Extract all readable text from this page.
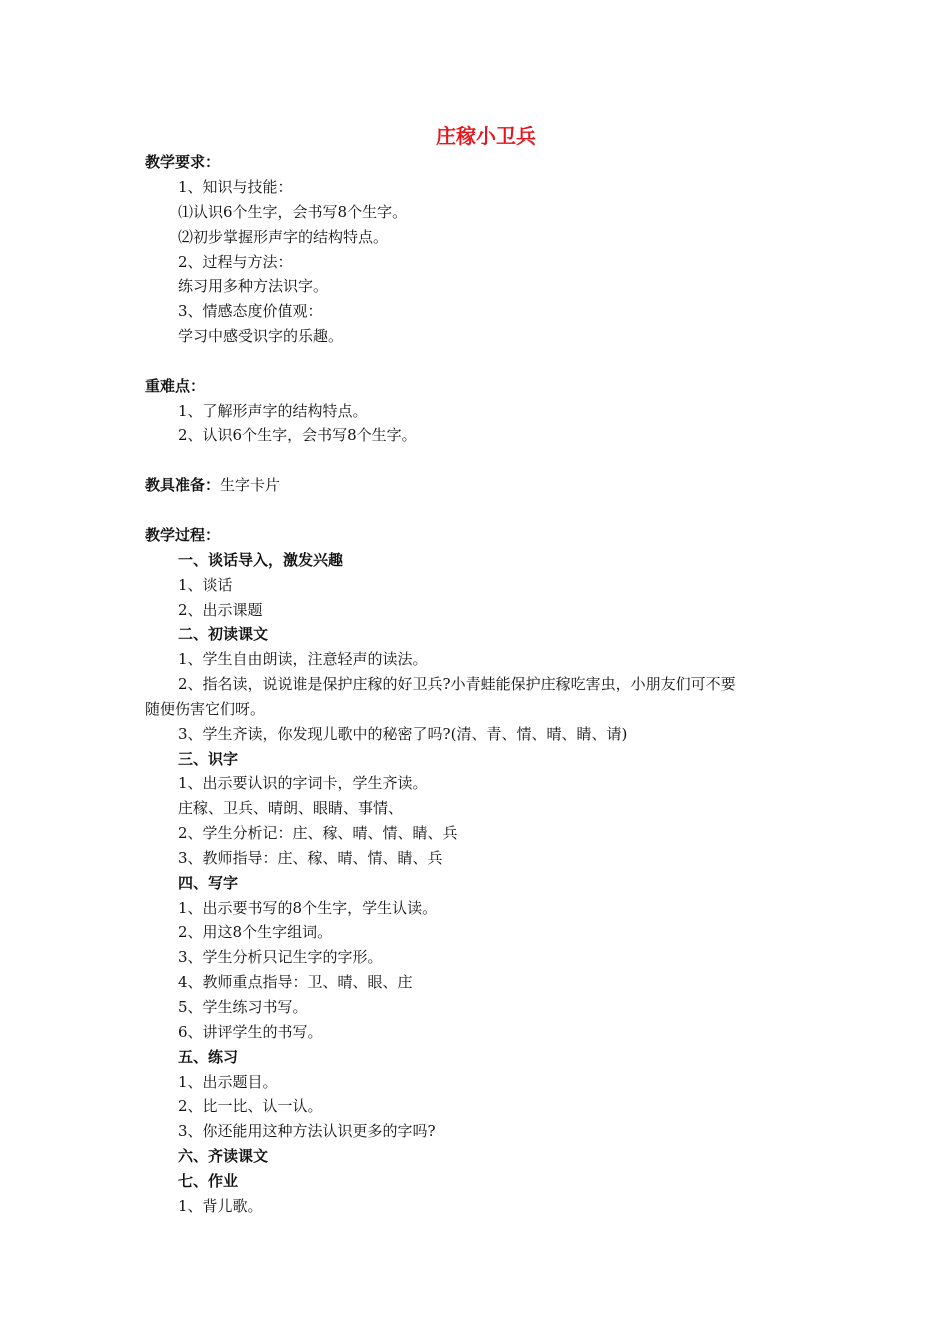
庄稼小卫兵
教学要求：
1、知识与技能：
⑴认识6个生字，会书写8个生字。
⑵初步掌握形声字的结构特点。
2、过程与方法：
练习用多种方法识字。
3、情感态度价值观：
学习中感受识字的乐趣。
重难点：
1、了解形声字的结构特点。
2、认识6个生字，会书写8个生字。
教具准备：生字卡片
教学过程：
一、谈话导入，激发兴趣
1、谈话
2、出示课题
二、初读课文
1、学生自由朗读，注意轻声的读法。
2、指名读，说说谁是保护庄稼的好卫兵?小青蛙能保护庄稼吃害虫，小朋友们可不要
随便伤害它们呀。
3、学生齐读，你发现儿歌中的秘密了吗?(清、青、情、晴、睛、请)
三、识字
1、出示要认识的字词卡，学生齐读。
庄稼、卫兵、晴朗、眼睛、事情、
2、学生分析记：庄、稼、晴、情、睛、兵
3、教师指导：庄、稼、晴、情、睛、兵
四、写字
1、出示要书写的8个生字，学生认读。
2、用这8个生字组词。
3、学生分析只记生字的字形。
4、教师重点指导：卫、晴、眼、庄
5、学生练习书写。
6、讲评学生的书写。
五、练习
1、出示题目。
2、比一比、认一认。
3、你还能用这种方法认识更多的字吗?
六、齐读课文
七、作业
1、背儿歌。
